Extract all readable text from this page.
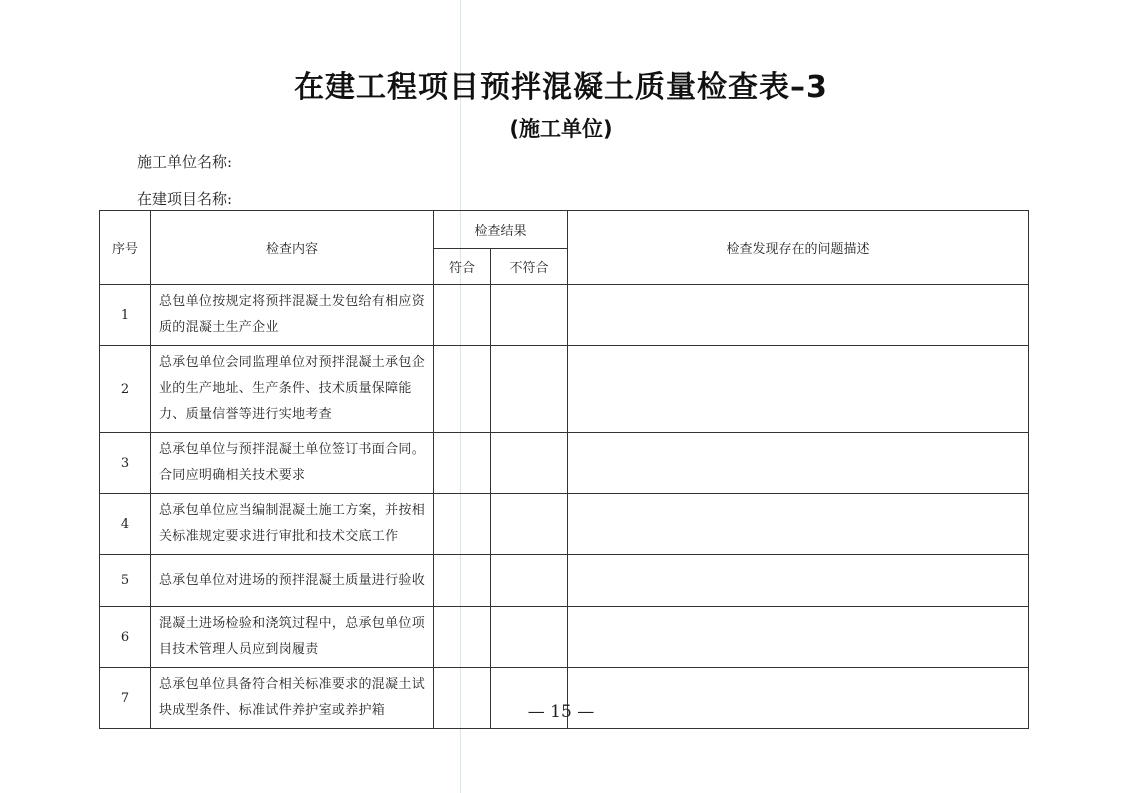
在建工程项目预拌混凝土质量检查表–3
(施工单位)
施工单位名称:
在建项目名称:
序号	检查内容	检查结果		检查发现存在的问题描述
		符合	不符合	
1	总包单位按规定将预拌混凝土发包给有相应资质的混凝土生产企业			
2	总承包单位会同监理单位对预拌混凝土承包企业的生产地址、生产条件、技术质量保障能力、质量信誉等进行实地考查			
3	总承包单位与预拌混凝土单位签订书面合同。 合同应明确相关技术要求			
4	总承包单位应当编制混凝土施工方案，并按相关标准规定要求进行审批和技术交底工作			
5	总承包单位对进场的预拌混凝土质量进行验收			
6	混凝土进场检验和浇筑过程中，总承包单位项目技术管理人员应到岗履责			
7	总承包单位具备符合相关标准要求的混凝土试块成型条件、标准试件养护室或养护箱				— 15 —
